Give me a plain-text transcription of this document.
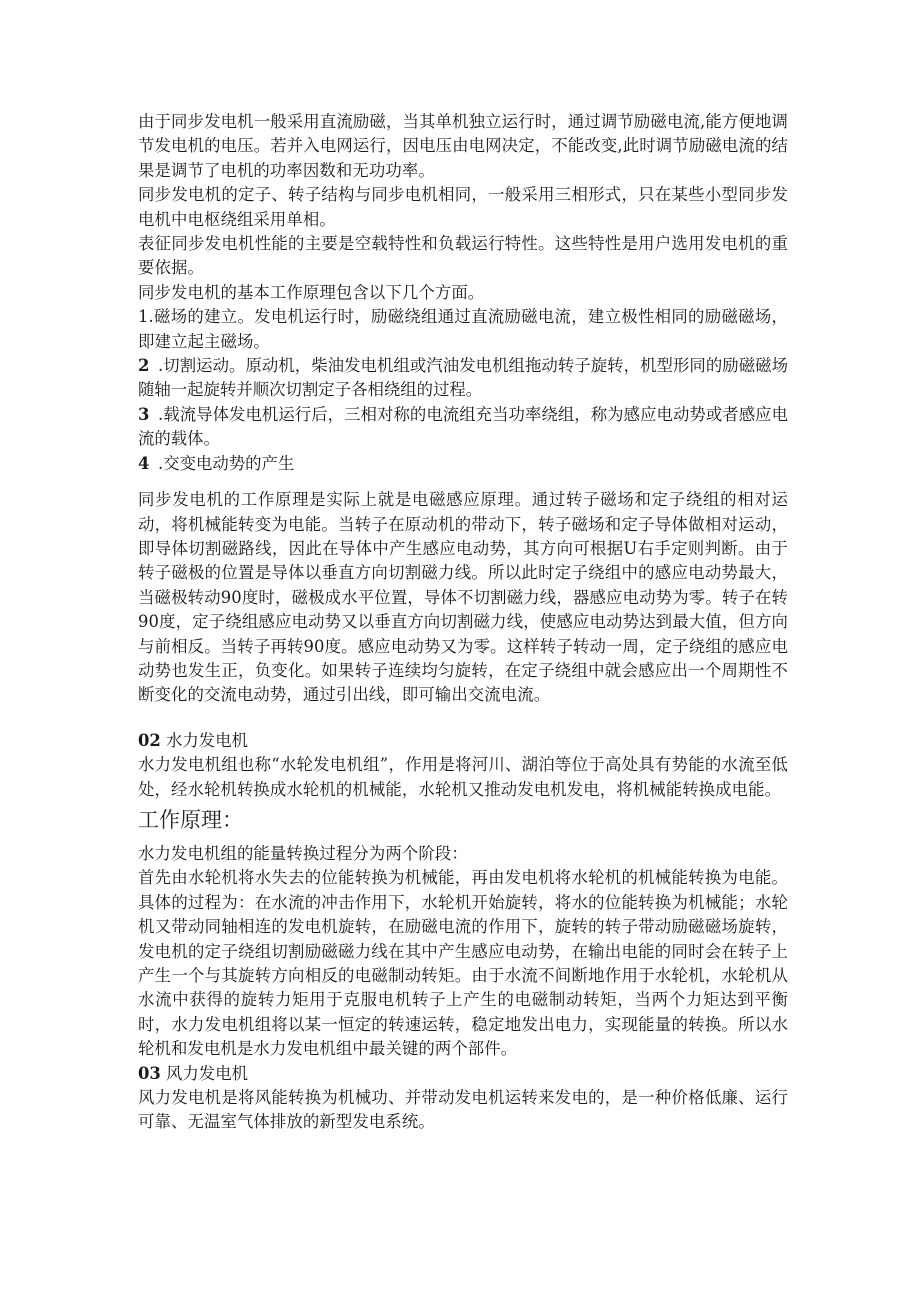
由于同步发电机一般采用直流励磁，当其单机独立运行时，通过调节励磁电流,能方便地调节发电机的电压。若并入电网运行，因电压由电网决定，不能改变,此时调节励磁电流的结果是调节了电机的功率因数和无功功率。

同步发电机的定子、转子结构与同步电机相同，一般采用三相形式，只在某些小型同步发电机中电枢绕组采用单相。

表征同步发电机性能的主要是空载特性和负载运行特性。这些特性是用户选用发电机的重要依据。

同步发电机的基本工作原理包含以下几个方面。

1.磁场的建立。发电机运行时，励磁绕组通过直流励磁电流，建立极性相同的励磁磁场，即建立起主磁场。

2 .切割运动。原动机，柴油发电机组或汽油发电机组拖动转子旋转，机型形同的励磁磁场随轴一起旋转并顺次切割定子各相绕组的过程。

3 .载流导体发电机运行后，三相对称的电流组充当功率绕组，称为感应电动势或者感应电流的载体。

4 .交变电动势的产生

同步发电机的工作原理是实际上就是电磁感应原理。通过转子磁场和定子绕组的相对运动，将机械能转变为电能。当转子在原动机的带动下，转子磁场和定子导体做相对运动，即导体切割磁路线，因此在导体中产生感应电动势，其方向可根据U右手定则判断。由于转子磁极的位置是导体以垂直方向切割磁力线。所以此时定子绕组中的感应电动势最大，当磁极转动90度时，磁极成水平位置，导体不切割磁力线，器感应电动势为零。转子在转90度，定子绕组感应电动势又以垂直方向切割磁力线，使感应电动势达到最大值，但方向与前相反。当转子再转90度。感应电动势又为零。这样转子转动一周，定子绕组的感应电动势也发生正，负变化。如果转子连续均匀旋转，在定子绕组中就会感应出一个周期性不断变化的交流电动势，通过引出线，即可输出交流电流。

02 水力发电机

水力发电机组也称“水轮发电机组”，作用是将河川、湖泊等位于高处具有势能的水流至低处，经水轮机转换成水轮机的机械能，水轮机又推动发电机发电，将机械能转换成电能。

工作原理：

水力发电机组的能量转换过程分为两个阶段：

首先由水轮机将水失去的位能转换为机械能，再由发电机将水轮机的机械能转换为电能。具体的过程为：在水流的冲击作用下，水轮机开始旋转，将水的位能转换为机械能；水轮机又带动同轴相连的发电机旋转，在励磁电流的作用下，旋转的转子带动励磁磁场旋转，发电机的定子绕组切割励磁磁力线在其中产生感应电动势，在输出电能的同时会在转子上产生一个与其旋转方向相反的电磁制动转矩。由于水流不间断地作用于水轮机，水轮机从水流中获得的旋转力矩用于克服电机转子上产生的电磁制动转矩，当两个力矩达到平衡时，水力发电机组将以某一恒定的转速运转，稳定地发出电力，实现能量的转换。所以水轮机和发电机是水力发电机组中最关键的两个部件。

03 风力发电机

风力发电机是将风能转换为机械功、并带动发电机运转来发电的，是一种价格低廉、运行可靠、无温室气体排放的新型发电系统。
